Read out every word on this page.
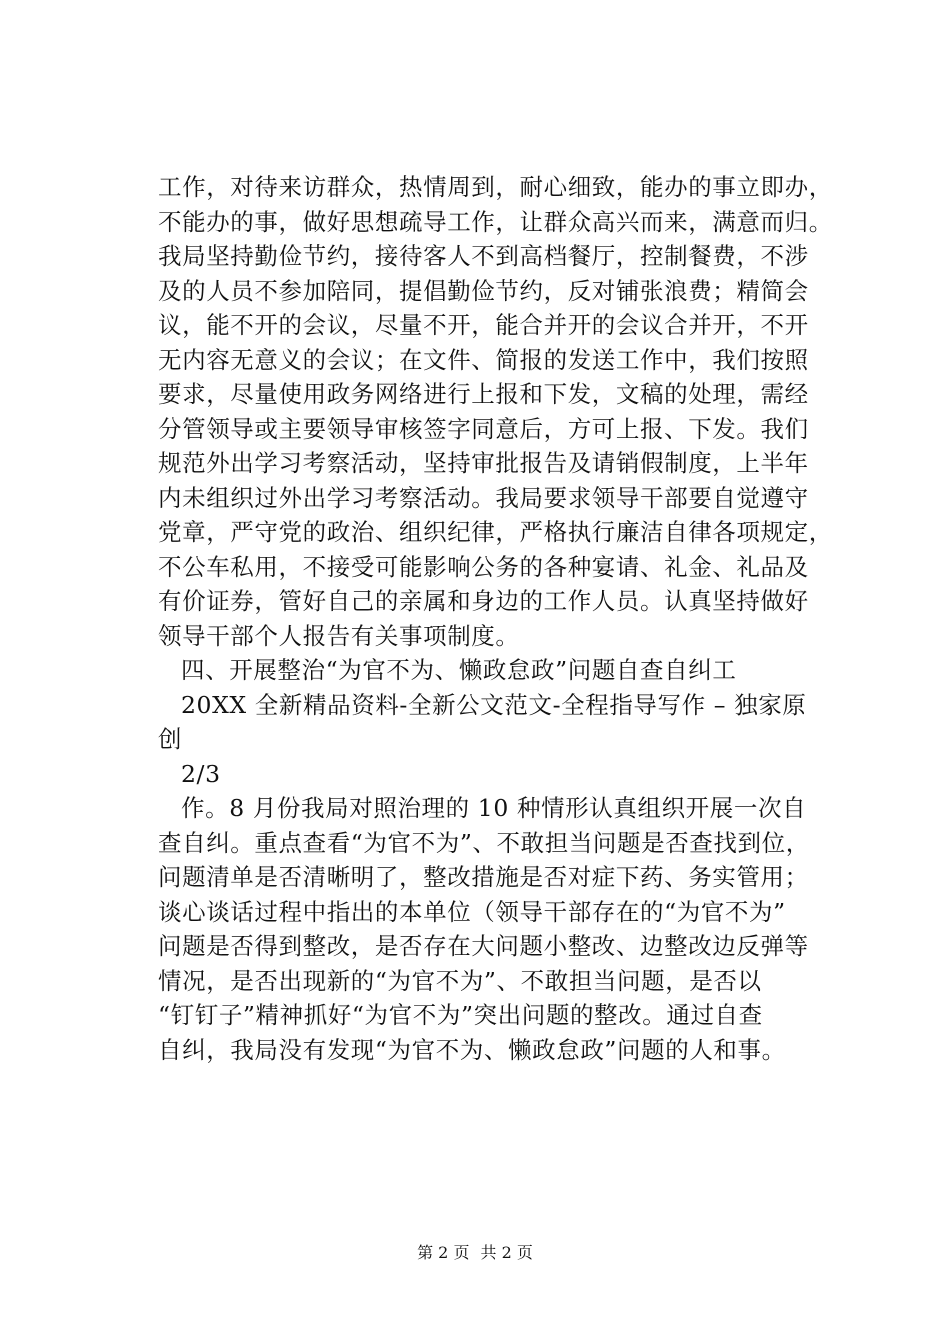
工作，对待来访群众，热情周到，耐心细致，能办的事立即办，
不能办的事，做好思想疏导工作，让群众高兴而来，满意而归。
我局坚持勤俭节约，接待客人不到高档餐厅，控制餐费，不涉
及的人员不参加陪同，提倡勤俭节约，反对铺张浪费；精简会
议，能不开的会议，尽量不开，能合并开的会议合并开，不开
无内容无意义的会议；在文件、简报的发送工作中，我们按照
要求，尽量使用政务网络进行上报和下发，文稿的处理，需经
分管领导或主要领导审核签字同意后，方可上报、下发。我们
规范外出学习考察活动，坚持审批报告及请销假制度，上半年
内未组织过外出学习考察活动。我局要求领导干部要自觉遵守
党章，严守党的政治、组织纪律，严格执行廉洁自律各项规定，
不公车私用，不接受可能影响公务的各种宴请、礼金、礼品及
有价证券，管好自己的亲属和身边的工作人员。认真坚持做好
领导干部个人报告有关事项制度。
四、开展整治“为官不为、懒政怠政”问题自查自纠工
20XX 全新精品资料-全新公文范文-全程指导写作 – 独家原
创
2/3
作。8 月份我局对照治理的 10 种情形认真组织开展一次自
查自纠。重点查看“为官不为”、不敢担当问题是否查找到位，
问题清单是否清晰明了，整改措施是否对症下药、务实管用；
谈心谈话过程中指出的本单位（领导干部存在的“为官不为”
问题是否得到整改，是否存在大问题小整改、边整改边反弹等
情况，是否出现新的“为官不为”、不敢担当问题，是否以
“钉钉子”精神抓好“为官不为”突出问题的整改。通过自查
自纠，我局没有发现“为官不为、懒政怠政”问题的人和事。
第 2 页 共 2 页
